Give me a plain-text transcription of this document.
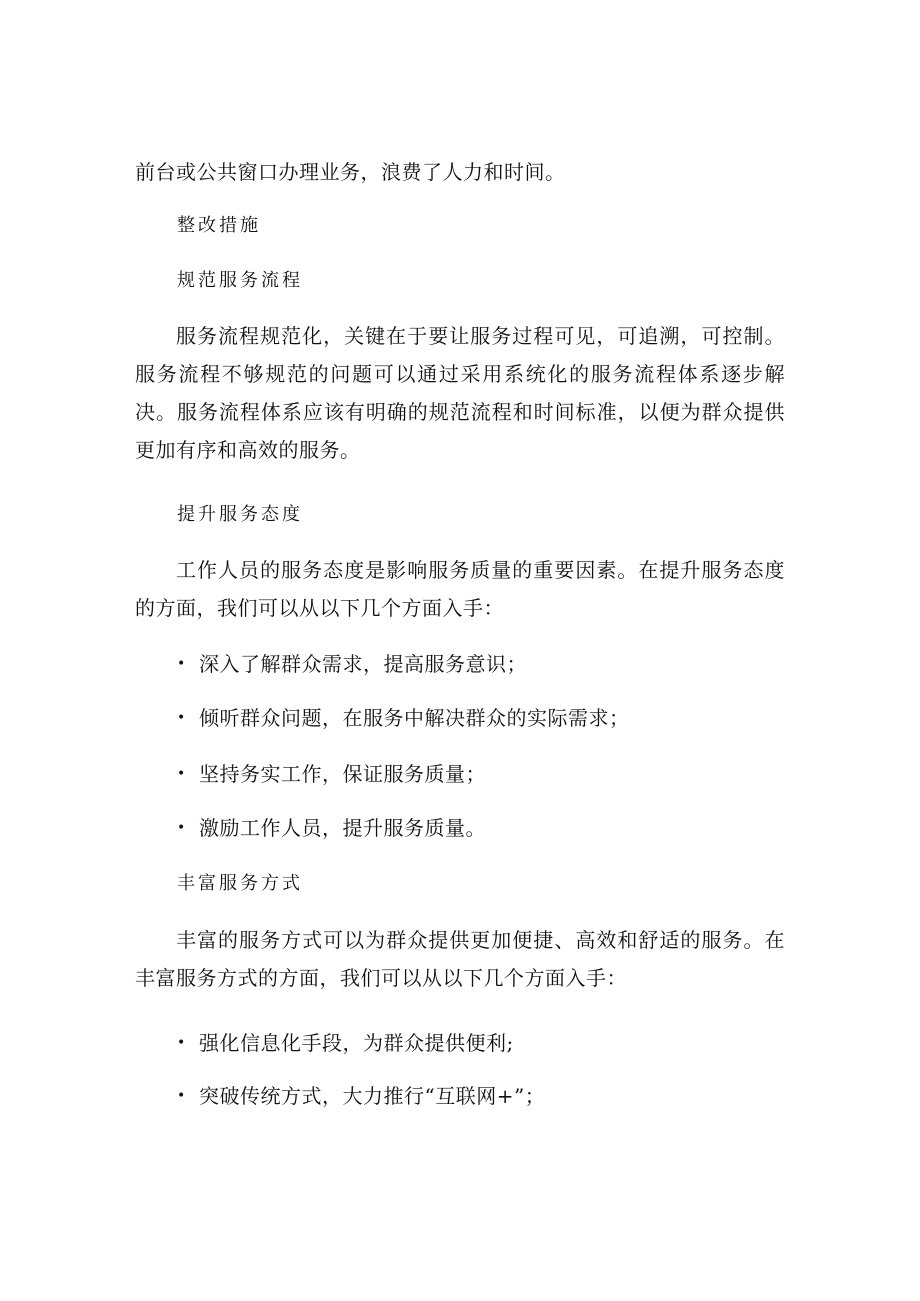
前台或公共窗口办理业务，浪费了人力和时间。

整改措施
规范服务流程

服务流程规范化，关键在于要让服务过程可见，可追溯，可控制。服务流程不够规范的问题可以通过采用系统化的服务流程体系逐步解决。服务流程体系应该有明确的规范流程和时间标准，以便为群众提供更加有序和高效的服务。

提升服务态度

工作人员的服务态度是影响服务质量的重要因素。在提升服务态度的方面，我们可以从以下几个方面入手：

• 深入了解群众需求，提高服务意识；
• 倾听群众问题，在服务中解决群众的实际需求；
• 坚持务实工作，保证服务质量；
• 激励工作人员，提升服务质量。
丰富服务方式

丰富的服务方式可以为群众提供更加便捷、高效和舒适的服务。在丰富服务方式的方面，我们可以从以下几个方面入手：

• 强化信息化手段，为群众提供便利;
• 突破传统方式，大力推行“互联网+”；
